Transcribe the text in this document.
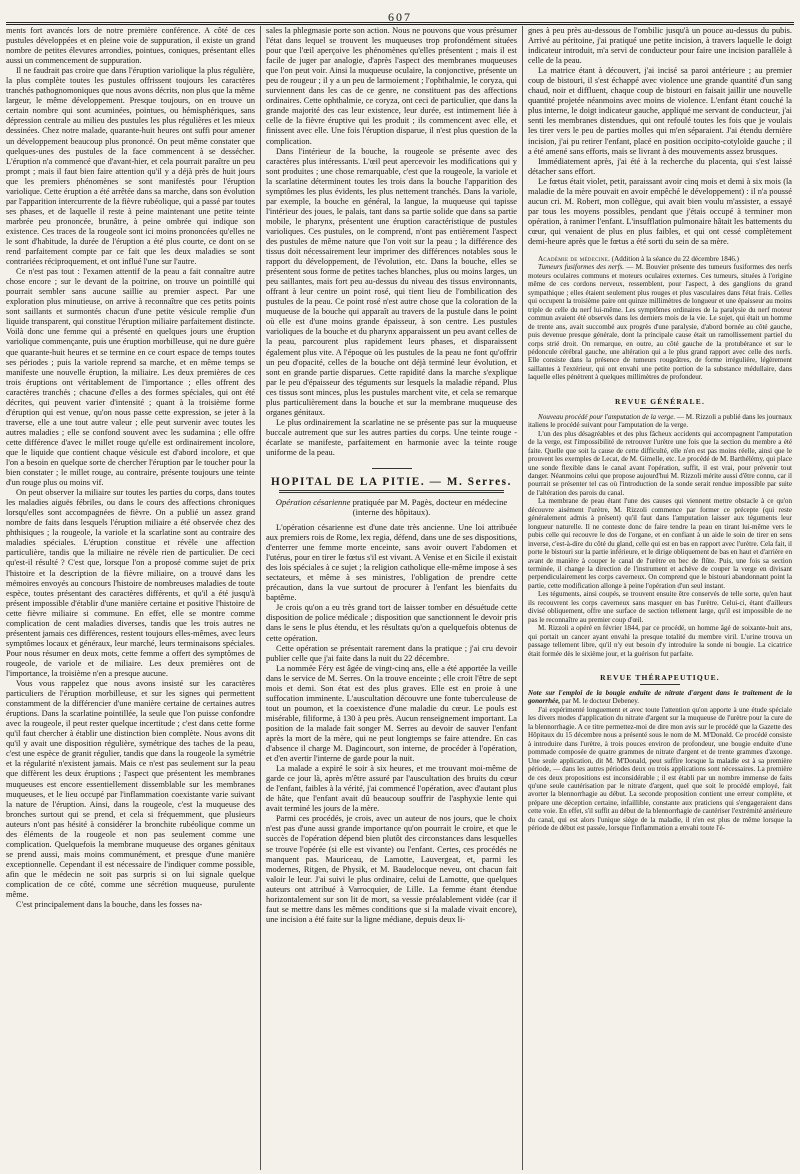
607

ments fort avancés lors de notre première conférence. A côté de ces pustules développées et en pleine voie de suppuration, il existe un grand nombre de petites élevures arrondies, pointues, coniques, présentant elles aussi un commencement de suppuration.

Il ne faudrait pas croire que dans l'éruption variolique la plus régulière, la plus complète toutes les pustules offrissent toujours les caractères tranchés pathognomoniques que nous avons décrits, non plus que la même largeur, le même développement. Presque toujours, on en trouve un certain nombre qui sont acuminées, pointues, ou hémisphériques, sans dépression centrale au milieu des pustules les plus régulières et les mieux dessinées. Chez notre malade, quarante-huit heures ont suffi pour amener un développement beaucoup plus prononcé. On peut même constater que quelques-unes des pustules de la face commencent à se dessécher. L'éruption n'a commencé que d'avant-hier, et cela pourrait paraître un peu prompt ; mais il faut bien faire attention qu'il y a déjà près de huit jours que les premiers phénomènes se sont manifestés pour l'éruption variolique. Cette éruption a été arrêtée dans sa marche, dans son évolution par l'apparition intercurrente de la fièvre rubéolique, qui a passé par toutes ses phases, et de laquelle il reste à peine maintenant une petite teinte marbrée peu prononcée, brunâtre, à peine ombrée qui indique son existence. Ces traces de la rougeole sont ici moins prononcées qu'elles ne le sont d'habitude, la durée de l'éruption a été plus courte, ce dont on se rend parfaitement compte par ce fait que les deux maladies se sont contrariées réciproquement, et ont influé l'une sur l'autre.

Ce n'est pas tout : l'examen attentif de la peau a fait connaître autre chose encore ; sur le devant de la poitrine, on trouve un pointillé qui pourrait sembler sans aucune saillie au premier aspect. Par une exploration plus minutieuse, on arrive à reconnaître que ces petits points sont saillants et surmontés chacun d'une petite vésicule remplie d'un liquide transparent, qui constitue l'éruption miliaire parfaitement distincte. Voilà donc une femme qui a présenté en quelques jours une éruption variolique commençante, puis une éruption morbilleuse, qui ne dure guère que quarante-huit heures et se termine en ce court espace de temps toutes ses périodes ; puis la variole reprend sa marche, et en même temps se manifeste une nouvelle éruption, la miliaire. Les deux premières de ces trois éruptions ont véritablement de l'importance ; elles offrent des caractères tranchés ; chacune d'elles a des formes spéciales, qui ont été décrites, qui peuvent varier d'intensité ; quant à la troisième forme d'éruption qui est venue, qu'on nous passe cette expression, se jeter à la traverse, elle a une tout autre valeur ; elle peut survenir avec toutes les autres maladies ; elle se confond souvent avec les sudamina ; elle offre cette différence d'avec le millet rouge qu'elle est ordinairement incolore, que le liquide que contient chaque vésicule est d'abord incolore, et que l'on a besoin en quelque sorte de chercher l'éruption par le toucher pour la bien constater ; le millet rouge, au contraire, présente toujours une teinte d'un rouge plus ou moins vif.

On peut observer la miliaire sur toutes les parties du corps, dans toutes les maladies aiguës fébriles, ou dans le cours des affections chroniques lorsqu'elles sont accompagnées de fièvre. On a publié un assez grand nombre de faits dans lesquels l'éruption miliaire a été observée chez des phthisiques ; la rougeole, la variole et la scarlatine sont au contraire des maladies spéciales. L'éruption constitue et révèle une affection particulière, tandis que la miliaire ne révèle rien de particulier. De ceci qu'est-il résulté ? C'est que, lorsque l'on a proposé comme sujet de prix l'histoire et la description de la fièvre miliaire, on a trouvé dans les mémoires envoyés au concours l'histoire de nombreuses maladies de toute espèce, toutes présentant des caractères différents, et qu'il a été jusqu'à présent impossible d'établir d'une manière certaine et positive l'histoire de cette fièvre miliaire si commune. En effet, elle se montre comme complication de cent maladies diverses, tandis que les trois autres ne présentent jamais ces différences, restent toujours elles-mêmes, avec leurs symptômes locaux et généraux, leur marché, leurs terminaisons spéciales. Pour nous résumer en deux mots, cette femme a offert des symptômes de rougeole, de variole et de miliaire. Les deux premières ont de l'importance, la troisième n'en a presque aucune.

Vous vous rappelez que nous avons insisté sur les caractères particuliers de l'éruption morbilleuse, et sur les signes qui permettent constamment de la différencier d'une manière certaine de certaines autres éruptions. Dans la scarlatine pointillée, la seule que l'on puisse confondre avec la rougeole, il peut rester quelque incertitude ; c'est dans cette forme qu'il faut chercher à établir une distinction bien complète. Nous avons dit qu'il y avait une disposition régulière, symétrique des taches de la peau, c'est une espèce de granit régulier, tandis que dans la rougeole la symétrie et la régularité n'existent jamais. Mais ce n'est pas seulement sur la peau que diffèrent les deux éruptions ; l'aspect que présentent les membranes muqueuses est encore essentiellement dissemblable sur les membranes muqueuses, et le lieu occupé par l'inflammation coexistante varie suivant la nature de l'éruption. Ainsi, dans la rougeole, c'est la muqueuse des bronches surtout qui se prend, et cela si fréquemment, que plusieurs auteurs n'ont pas hésité à considérer la bronchite rubéolique comme un des éléments de la rougeole et non pas seulement comme une complication. Quelquefois la membrane muqueuse des organes génitaux se prend aussi, mais moins communément, et presque d'une manière exceptionnelle. Cependant il est nécessaire de l'indiquer comme possible, afin que le médecin ne soit pas surpris si on lui signale quelque complication de ce côté, comme une sécrétion muqueuse, purulente même.

C'est principalement dans la bouche, dans les fosses na-

sales la phlegmasie porte son action. Nous ne pouvons que vous présumer l'état dans lequel se trouvent les muqueuses trop profondément situées pour que l'œil aperçoive les phénomènes qu'elles présentent ; mais il est facile de juger par analogie, d'après l'aspect des membranes muqueuses que l'on peut voir. Ainsi la muqueuse oculaire, la conjonctive, présente un peu de rougeur ; il y a un peu de larmoiement ; l'ophthalmie, le coryza, qui surviennent dans les cas de ce genre, ne constituent pas des affections ordinaires. Cette ophthalmie, ce coryza, ont ceci de particulier, que dans la grande majorité des cas leur existence, leur durée, est intimement liée à celle de la fièvre éruptive qui les produit ; ils commencent avec elle, et finissent avec elle. Une fois l'éruption disparue, il n'est plus question de la complication.

Dans l'intérieur de la bouche, la rougeole se présente avec des caractères plus intéressants. L'œil peut apercevoir les modifications qui y sont produites ; une chose remarquable, c'est que la rougeole, la variole et la scarlatine déterminent toutes les trois dans la bouche l'apparition des symptômes les plus évidents, les plus nettement tranchés. Dans la variole, par exemple, la bouche en général, la langue, la muqueuse qui tapisse l'intérieur des joues, le palais, tant dans sa partie solide que dans sa partie mobile, le pharynx, présentent une éruption caractéristique de pustules varioliques. Ces pustules, on le comprend, n'ont pas entièrement l'aspect des pustules de même nature que l'on voit sur la peau ; la différence des tissus doit nécessairement leur imprimer des différences notables sous le rapport du développement, de l'évolution, etc. Dans la bouche, elles se présentent sous forme de petites taches blanches, plus ou moins larges, un peu saillantes, mais fort peu au-dessus du niveau des tissus environnants, offrant à leur centre un point rosé, qui tient lieu de l'ombilication des pustules de la peau. Ce point rosé n'est autre chose que la coloration de la muqueuse de la bouche qui apparaît au travers de la pustule dans le point où elle est d'une moins grande épaisseur, à son centre. Les pustules varioliques de la bouche et du pharynx apparaissent un peu avant celles de la peau, parcourent plus rapidement leurs phases, et disparaissent également plus vite. A l'époque où les pustules de la peau ne font qu'offrir un peu d'opacité, celles de la bouche ont déjà terminé leur évolution, et sont en grande partie disparues. Cette rapidité dans la marche s'explique par le peu d'épaisseur des téguments sur lesquels la maladie répand. Plus ces tissus sont minces, plus les pustules marchent vite, et cela se remarque plus particulièrement dans la bouche et sur la membrane muqueuse des organes génitaux.

Le plus ordinairement la scarlatine ne se présente pas sur la muqueuse buccale autrement que sur les autres parties du corps. Une teinte rouge - écarlate se manifeste, parfaitement en harmonie avec la teinte rouge uniforme de la peau.

HOPITAL DE LA PITIE. — M. Serres.
Opération césarienne pratiquée par M. Pagès, docteur en médecine (interne des hôpitaux).

L'opération césarienne est d'une date très ancienne. Une loi attribuée aux premiers rois de Rome, lex regia, défend, dans une de ses dispositions, d'enterrer une femme morte enceinte, sans avoir ouvert l'abdomen et l'utérus, pour en tirer le fœtus s'il est vivant. A Venise et en Sicile il existait des lois spéciales à ce sujet ; la religion catholique elle-même impose à ses sectateurs, et même à ses ministres, l'obligation de prendre cette précaution, dans la vue surtout de procurer à l'enfant les bienfaits du baptême.

Je crois qu'on a eu très grand tort de laisser tomber en désuétude cette disposition de police médicale ; disposition que sanctionnent le devoir pris dans le sens le plus étendu, et les résultats qu'on a quelquefois obtenus de cette opération.

Cette opération se présentait rarement dans la pratique ; j'ai cru devoir publier celle que j'ai faite dans la nuit du 22 décembre.

La nommée Féry est âgée de vingt-cinq ans, elle a été apportée la veille dans le service de M. Serres. On la trouve enceinte ; elle croit l'être de sept mois et demi. Son état est des plus graves. Elle est en proie à une suffocation imminente. L'auscultation découvre une fonte tuberculeuse de tout un poumon, et la coexistence d'une maladie du cœur. Le pouls est misérable, filiforme, à 130 à peu près. Aucun renseignement important. La position de la malade fait songer M. Serres au devoir de sauver l'enfant après la mort de la mère, qui ne peut longtemps se faire attendre. En cas d'absence il charge M. Dagincourt, son interne, de procéder à l'opération, et d'en avertir l'interne de garde pour la nuit.

La malade a expiré le soir à six heures, et me trouvant moi-même de garde ce jour là, après m'être assuré par l'auscultation des bruits du cœur de l'enfant, faibles à la vérité, j'ai commencé l'opération, avec d'autant plus de hâte, que l'enfant avait dû beaucoup souffrir de l'asphyxie lente qui avait terminé les jours de la mère.

Parmi ces procédés, je crois, avec un auteur de nos jours, que le choix n'est pas d'une aussi grande importance qu'on pourrait le croire, et que le succès de l'opération dépend bien plutôt des circonstances dans lesquelles se trouve l'opérée (si elle est vivante) ou l'enfant. Certes, ces procédés ne manquent pas. Mauriceau, de Lamotte, Lauvergeat, et, parmi les modernes, Ritgen, de Physik, et M. Baudelocque neveu, ont chacun fait valoir le leur. J'ai suivi le plus ordinaire, celui de Lamotte, que quelques auteurs ont attribué à Varrocquier, de Lille. La femme étant étendue horizontalement sur son lit de mort, sa vessie préalablement vidée (car il faut se mettre dans les mêmes conditions que si la malade vivait encore), une incision a été faite sur la ligne médiane, depuis deux li-

gnes à peu près au-dessous de l'ombilic jusqu'à un pouce au-dessus du pubis. Arrivé au péritoine, j'ai pratiqué une petite incision, à travers laquelle le doigt indicateur introduit, m'a servi de conducteur pour faire une incision parallèle à celle de la peau.

La matrice étant à découvert, j'ai incisé sa paroi antérieure ; au premier coup de bistouri, il s'est échappé avec violence une grande quantité d'un sang chaud, noir et diffluent, chaque coup de bistouri en faisait jaillir une nouvelle quantité projetée néanmoins avec moins de violence. L'enfant étant couché la plus interne, le doigt indicateur gauche, appliqué me servant de conducteur, j'ai senti les membranes distendues, qui ont refoulé toutes les fois que je voulais les tirer vers le peu de parties molles qui m'en séparaient. J'ai étendu dernière incision, j'ai pu retirer l'enfant, placé en position occipito-cotyloïde gauche ; il a été amené sans efforts, mais se livrant à des mouvements assez brusques.

Immédiatement après, j'ai été à la recherche du placenta, qui s'est laissé détacher sans effort.

Le fœtus était violet, petit, paraissant avoir cinq mois et demi à six mois (la maladie de la mère pouvait en avoir empêché le développement) : il n'a poussé aucun cri. M. Robert, mon collègue, qui avait bien voulu m'assister, a essayé par tous les moyens possibles, pendant que j'étais occupé à terminer mon opération, à ranimer l'enfant. L'insufflation pulmonaire hâtait les battements du cœur, qui venaient de plus en plus faibles, et qui ont cessé complètement demi-heure après que le fœtus a été sorti du sein de sa mère.

Académie de médecine. (Addition à la séance du 22 décembre 1846.)

Tumeurs fusiformes des nerfs. — M. Bouvier présente des tumeurs fusiformes des nerfs moteurs oculaires communs et moteurs oculaires externes. Ces tumeurs, situées à l'origine même de ces cordons nerveux, ressemblent, pour l'aspect, à des ganglions du grand sympathique ; elles étaient seulement plus rouges et plus vasculaires dans l'état frais. Celles qui occupent la troisième paire ont quinze millimètres de longueur et une épaisseur au moins triple de celle du nerf lui-même. Les symptômes ordinaires de la paralysie du nerf moteur commun avaient été observés dans les derniers mois de la vie. Le sujet, qui était un homme de trente ans, avait succombé aux progrès d'une paralysie, d'abord bornée au côté gauche, puis devenue presque générale, dont la principale cause était un ramollissement partiel du corps strié droit. On remarque, en outre, au côté gauche de la protubérance et sur le pédoncule cérébral gauche, une altération qui a le plus grand rapport avec celle des nerfs. Elle consiste dans la présence de tumeurs rougeâtres, de forme irrégulière, légèrement saillantes à l'extérieur, qui ont envahi une petite portion de la substance médullaire, dans laquelle elles pénètrent à quelques millimètres de profondeur.

REVUE GÉNÉRALE.

Nouveau procédé pour l'amputation de la verge. — M. Rizzoli a publié dans les journaux italiens le procédé suivant pour l'amputation de la verge.

L'un des plus désagréables et des plus fâcheux accidents qui accompagnent l'amputation de la verge, est l'impossibilité de retrouver l'urètre une fois que la section du membre a été faite. Quelle que soit la cause de cette difficulté, elle n'en est pas moins réelle, ainsi que le prouvent les exemples de Lecat, de M. Gimelle, etc. Le procédé de M. Barthélémy, qui place une sonde flexible dans le canal avant l'opération, suffit, il est vrai, pour prévenir tout danger. Néanmoins celui que propose aujourd'hui M. Rizzoli mérite aussi d'être connu, car il pourrait se présenter tel cas où l'introduction de la sonde serait rendue impossible par suite de l'altération des parois du canal.

La membrane de peau étant l'une des causes qui viennent mettre obstacle à ce qu'on découvre aisément l'urètre, M. Rizzoli commence par former ce précepte (qui reste généralement admis à présent) qu'il faut dans l'amputation laisser aux téguments leur longueur naturelle. Il ne conteste donc de faire tendre la peau en tirant lui-même vers le pubis celle qui recouvre le dos de l'organe, et en confiant à un aide le soin de tirer en sens inverse, c'est-à-dire du côté du gland, celle qui est en bas en rapport avec l'urètre. Cela fait, il porte le bistouri sur la partie inférieure, et le dirige obliquement de bas en haut et d'arrière en avant de manière à couper le canal de l'urètre en bec de flûte. Puis, une fois sa section terminée, il change la direction de l'instrument et achève de couper la verge en divisant perpendiculairement les corps caverneux. On comprend que le bistouri abandonnant point la partie, cette modification allonge à peine l'opération d'un seul instant.

Les téguments, ainsi coupés, se trouvent ensuite être conservés de telle sorte, qu'en haut ils recouvrent les corps caverneux sans masquer en bas l'urètre. Celui-ci, étant d'ailleurs divisé obliquement, offre une surface de section tellement large, qu'il est impossible de ne pas le reconnaître au premier coup d'œil.

M. Rizzoli a opéré en février 1844, par ce procédé, un homme âgé de soixante-huit ans, qui portait un cancer ayant envahi la presque totalité du membre viril. L'urine trouva un passage tellement libre, qu'il n'y eut besoin d'y introduire la sonde ni bougie. La cicatrice était formée dès le sixième jour, et la guérison fut parfaite.

REVUE THÉRAPEUTIQUE.

Note sur l'emploi de la bougie enduite de nitrate d'argent dans le traitement de la gonorrhée, par M. le docteur Debeney.

J'ai expérimenté longuement et avec toute l'attention qu'on apporte à une étude spéciale les divers modes d'application du nitrate d'argent sur la muqueuse de l'urètre pour la cure de la blennorrhagie. A ce titre permettez-moi de dire mon avis sur le procédé que la Gazette des Hôpitaux du 15 décembre nous a présenté sous le nom de M. M'Donald. Ce procédé consiste à introduire dans l'urètre, à trois pouces environ de profondeur, une bougie enduite d'une pommade composée de quatre grammes de nitrate d'argent et de trente grammes d'axonge. Une seule application, dit M. M'Donald, peut suffire lorsque la maladie est à sa première période, — dans les autres périodes deux ou trois applications sont nécessaires. La première de ces deux propositions est inconsidérable ; il est établi par un nombre immense de faits qu'une seule cautérisation par le nitrate d'argent, quel que soit le procédé employé, fait avorter la blennorrhagie au début. La seconde proposition contient une erreur complète, et prépare une déception certaine, infaillible, constante aux praticiens qui s'engageraient dans cette voie. En effet, s'il suffit au début de la blennorrhagie de cautériser l'extrémité antérieure du canal, qui est alors l'unique siège de la maladie, il n'en est plus de même lorsque la période de début est passée, lorsque l'inflammation a envahi toute l'é-
